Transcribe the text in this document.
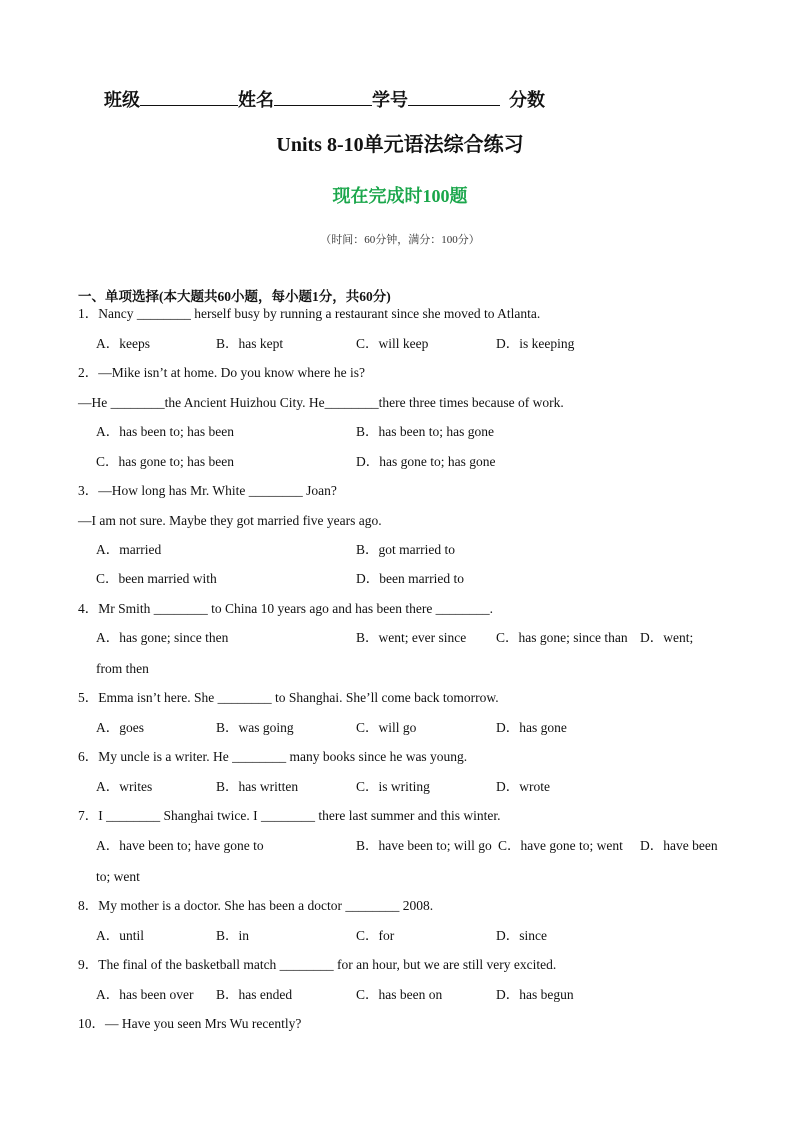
班级	姓名	学号	分数
Units 8-10单元语法综合练习
现在完成时100题
（时间：60分钟，满分：100分）
一、单项选择(本大题共60小题，每小题1分，共60分)
1．Nancy ________ herself busy by running a restaurant since she moved to Atlanta.
A．keeps	B．has kept	C．will keep	D．is keeping
2．—Mike isn’t at home. Do you know where he is?
—He ________the Ancient Huizhou City. He________there three times because of work.
A．has been to; has been	B．has been to; has gone
C．has gone to; has been	D．has gone to; has gone
3．—How long has Mr. White ________ Joan?
—I am not sure. Maybe they got married five years ago.
A．married	B．got married to
C．been married with	D．been married to
4．Mr Smith ________ to China 10 years ago and has been there ________.
A．has gone; since then	B．went; ever since C．has gone; since than D．went;
from then
5．Emma isn’t here. She ________ to Shanghai. She’ll come back tomorrow.
A．goes	B．was going	C．will go	D．has gone
6．My uncle is a writer. He ________ many books since he was young.
A．writes	B．has written	C．is writing	D．wrote
7．I ________ Shanghai twice. I ________ there last summer and this winter.
A．have been to; have gone to	B．have been to; will go C．have gone to; went D．have been
to; went
8．My mother is a doctor. She has been a doctor ________ 2008.
A．until	B．in	C．for	D．since
9．The final of the basketball match ________ for an hour, but we are still very excited.
A．has been over B．has ended	C．has been on	D．has begun
10．— Have you seen Mrs Wu recently?
